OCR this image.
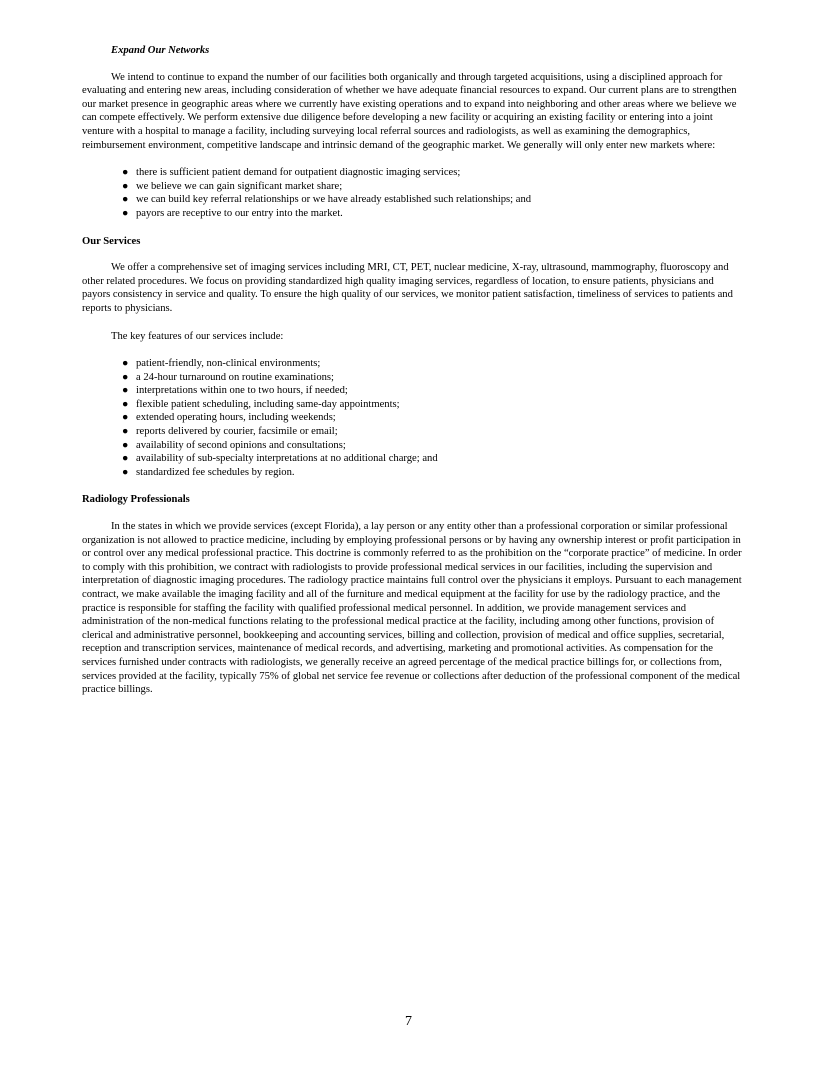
Expand Our Networks

We intend to continue to expand the number of our facilities both organically and through targeted acquisitions, using a disciplined approach for evaluating and entering new areas, including consideration of whether we have adequate financial resources to expand. Our current plans are to strengthen our market presence in geographic areas where we currently have existing operations and to expand into neighboring and other areas where we believe we can compete effectively. We perform extensive due diligence before developing a new facility or acquiring an existing facility or entering into a joint venture with a hospital to manage a facility, including surveying local referral sources and radiologists, as well as examining the demographics, reimbursement environment, competitive landscape and intrinsic demand of the geographic market. We generally will only enter new markets where:

● there is sufficient patient demand for outpatient diagnostic imaging services;
● we believe we can gain significant market share;
● we can build key referral relationships or we have already established such relationships; and
● payors are receptive to our entry into the market.
Our Services

We offer a comprehensive set of imaging services including MRI, CT, PET, nuclear medicine, X-ray, ultrasound, mammography, fluoroscopy and other related procedures. We focus on providing standardized high quality imaging services, regardless of location, to ensure patients, physicians and payors consistency in service and quality. To ensure the high quality of our services, we monitor patient satisfaction, timeliness of services to patients and reports to physicians.

The key features of our services include:

● patient-friendly, non-clinical environments;
● a 24-hour turnaround on routine examinations;
● interpretations within one to two hours, if needed;
● flexible patient scheduling, including same-day appointments;
● extended operating hours, including weekends;
● reports delivered by courier, facsimile or email;
● availability of second opinions and consultations;
● availability of sub-specialty interpretations at no additional charge; and
● standardized fee schedules by region.
Radiology Professionals

In the states in which we provide services (except Florida), a lay person or any entity other than a professional corporation or similar professional organization is not allowed to practice medicine, including by employing professional persons or by having any ownership interest or profit participation in or control over any medical professional practice. This doctrine is commonly referred to as the prohibition on the “corporate practice” of medicine. In order to comply with this prohibition, we contract with radiologists to provide professional medical services in our facilities, including the supervision and interpretation of diagnostic imaging procedures. The radiology practice maintains full control over the physicians it employs. Pursuant to each management contract, we make available the imaging facility and all of the furniture and medical equipment at the facility for use by the radiology practice, and the practice is responsible for staffing the facility with qualified professional medical personnel. In addition, we provide management services and administration of the non-medical functions relating to the professional medical practice at the facility, including among other functions, provision of clerical and administrative personnel, bookkeeping and accounting services, billing and collection, provision of medical and office supplies, secretarial, reception and transcription services, maintenance of medical records, and advertising, marketing and promotional activities. As compensation for the services furnished under contracts with radiologists, we generally receive an agreed percentage of the medical practice billings for, or collections from, services provided at the facility, typically 75% of global net service fee revenue or collections after deduction of the professional component of the medical practice billings.

7
